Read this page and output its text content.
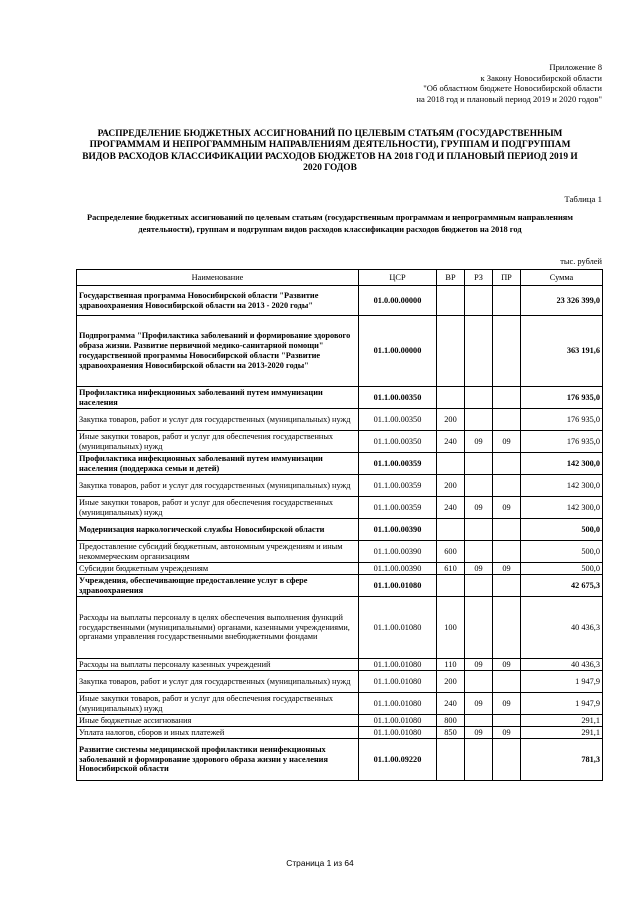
Приложение 8
к Закону Новосибирской области
"Об областном бюджете Новосибирской области
на 2018 год и плановый период 2019 и 2020 годов"
РАСПРЕДЕЛЕНИЕ БЮДЖЕТНЫХ АССИГНОВАНИЙ ПО ЦЕЛЕВЫМ СТАТЬЯМ (ГОСУДАРСТВЕННЫМ ПРОГРАММАМ И НЕПРОГРАММНЫМ НАПРАВЛЕНИЯМ ДЕЯТЕЛЬНОСТИ), ГРУППАМ И ПОДГРУППАМ ВИДОВ РАСХОДОВ КЛАССИФИКАЦИИ РАСХОДОВ БЮДЖЕТОВ НА 2018 ГОД И ПЛАНОВЫЙ ПЕРИОД 2019 И 2020 ГОДОВ
Таблица 1
Распределение бюджетных ассигнований по целевым статьям (государственным программам и непрограммным направлениям деятельности), группам и подгруппам видов расходов классификации расходов бюджетов на 2018 год
тыс. рублей
Наименование	ЦСР	ВР	РЗ	ПР	Сумма
Государственная программа Новосибирской области "Развитие здравоохранения Новосибирской области на 2013 - 2020 годы"	01.0.00.00000				23 326 399,0
Подпрограмма "Профилактика заболеваний и формирование здорового образа жизни. Развитие первичной медико-санитарной помощи" государственной программы Новосибирской области "Развитие здравоохранения Новосибирской области на 2013-2020 годы"	01.1.00.00000				363 191,6
Профилактика инфекционных заболеваний путем иммунизации населения	01.1.00.00350				176 935,0
Закупка товаров, работ и услуг для государственных (муниципальных) нужд	01.1.00.00350	200			176 935,0
Иные закупки товаров, работ и услуг для обеспечения государственных (муниципальных) нужд	01.1.00.00350	240	09	09	176 935,0
Профилактика инфекционных заболеваний путем иммунизации населения (поддержка семьи и детей)	01.1.00.00359				142 300,0
Закупка товаров, работ и услуг для государственных (муниципальных) нужд	01.1.00.00359	200			142 300,0
Иные закупки товаров, работ и услуг для обеспечения государственных (муниципальных) нужд	01.1.00.00359	240	09	09	142 300,0
Модернизация наркологической службы Новосибирской области	01.1.00.00390				500,0
Предоставление субсидий бюджетным, автономным учреждениям и иным некоммерческим организациям	01.1.00.00390	600			500,0
Субсидии бюджетным учреждениям	01.1.00.00390	610	09	09	500,0
Учреждения, обеспечивающие предоставление услуг в сфере здравоохранения	01.1.00.01080				42 675,3
Расходы на выплаты персоналу в целях обеспечения выполнения функций государственными (муниципальными) органами, казенными учреждениями, органами управления государственными внебюджетными фондами	01.1.00.01080	100			40 436,3
Расходы на выплаты персоналу казенных учреждений	01.1.00.01080	110	09	09	40 436,3
Закупка товаров, работ и услуг для государственных (муниципальных) нужд	01.1.00.01080	200			1 947,9
Иные закупки товаров, работ и услуг для обеспечения государственных (муниципальных) нужд	01.1.00.01080	240	09	09	1 947,9
Иные бюджетные ассигнования	01.1.00.01080	800			291,1
Уплата налогов, сборов и иных платежей	01.1.00.01080	850	09	09	291,1
Развитие системы медицинской профилактики неинфекционных заболеваний и формирование здорового образа жизни у населения Новосибирской области	01.1.00.09220				781,3
Страница 1 из 64
